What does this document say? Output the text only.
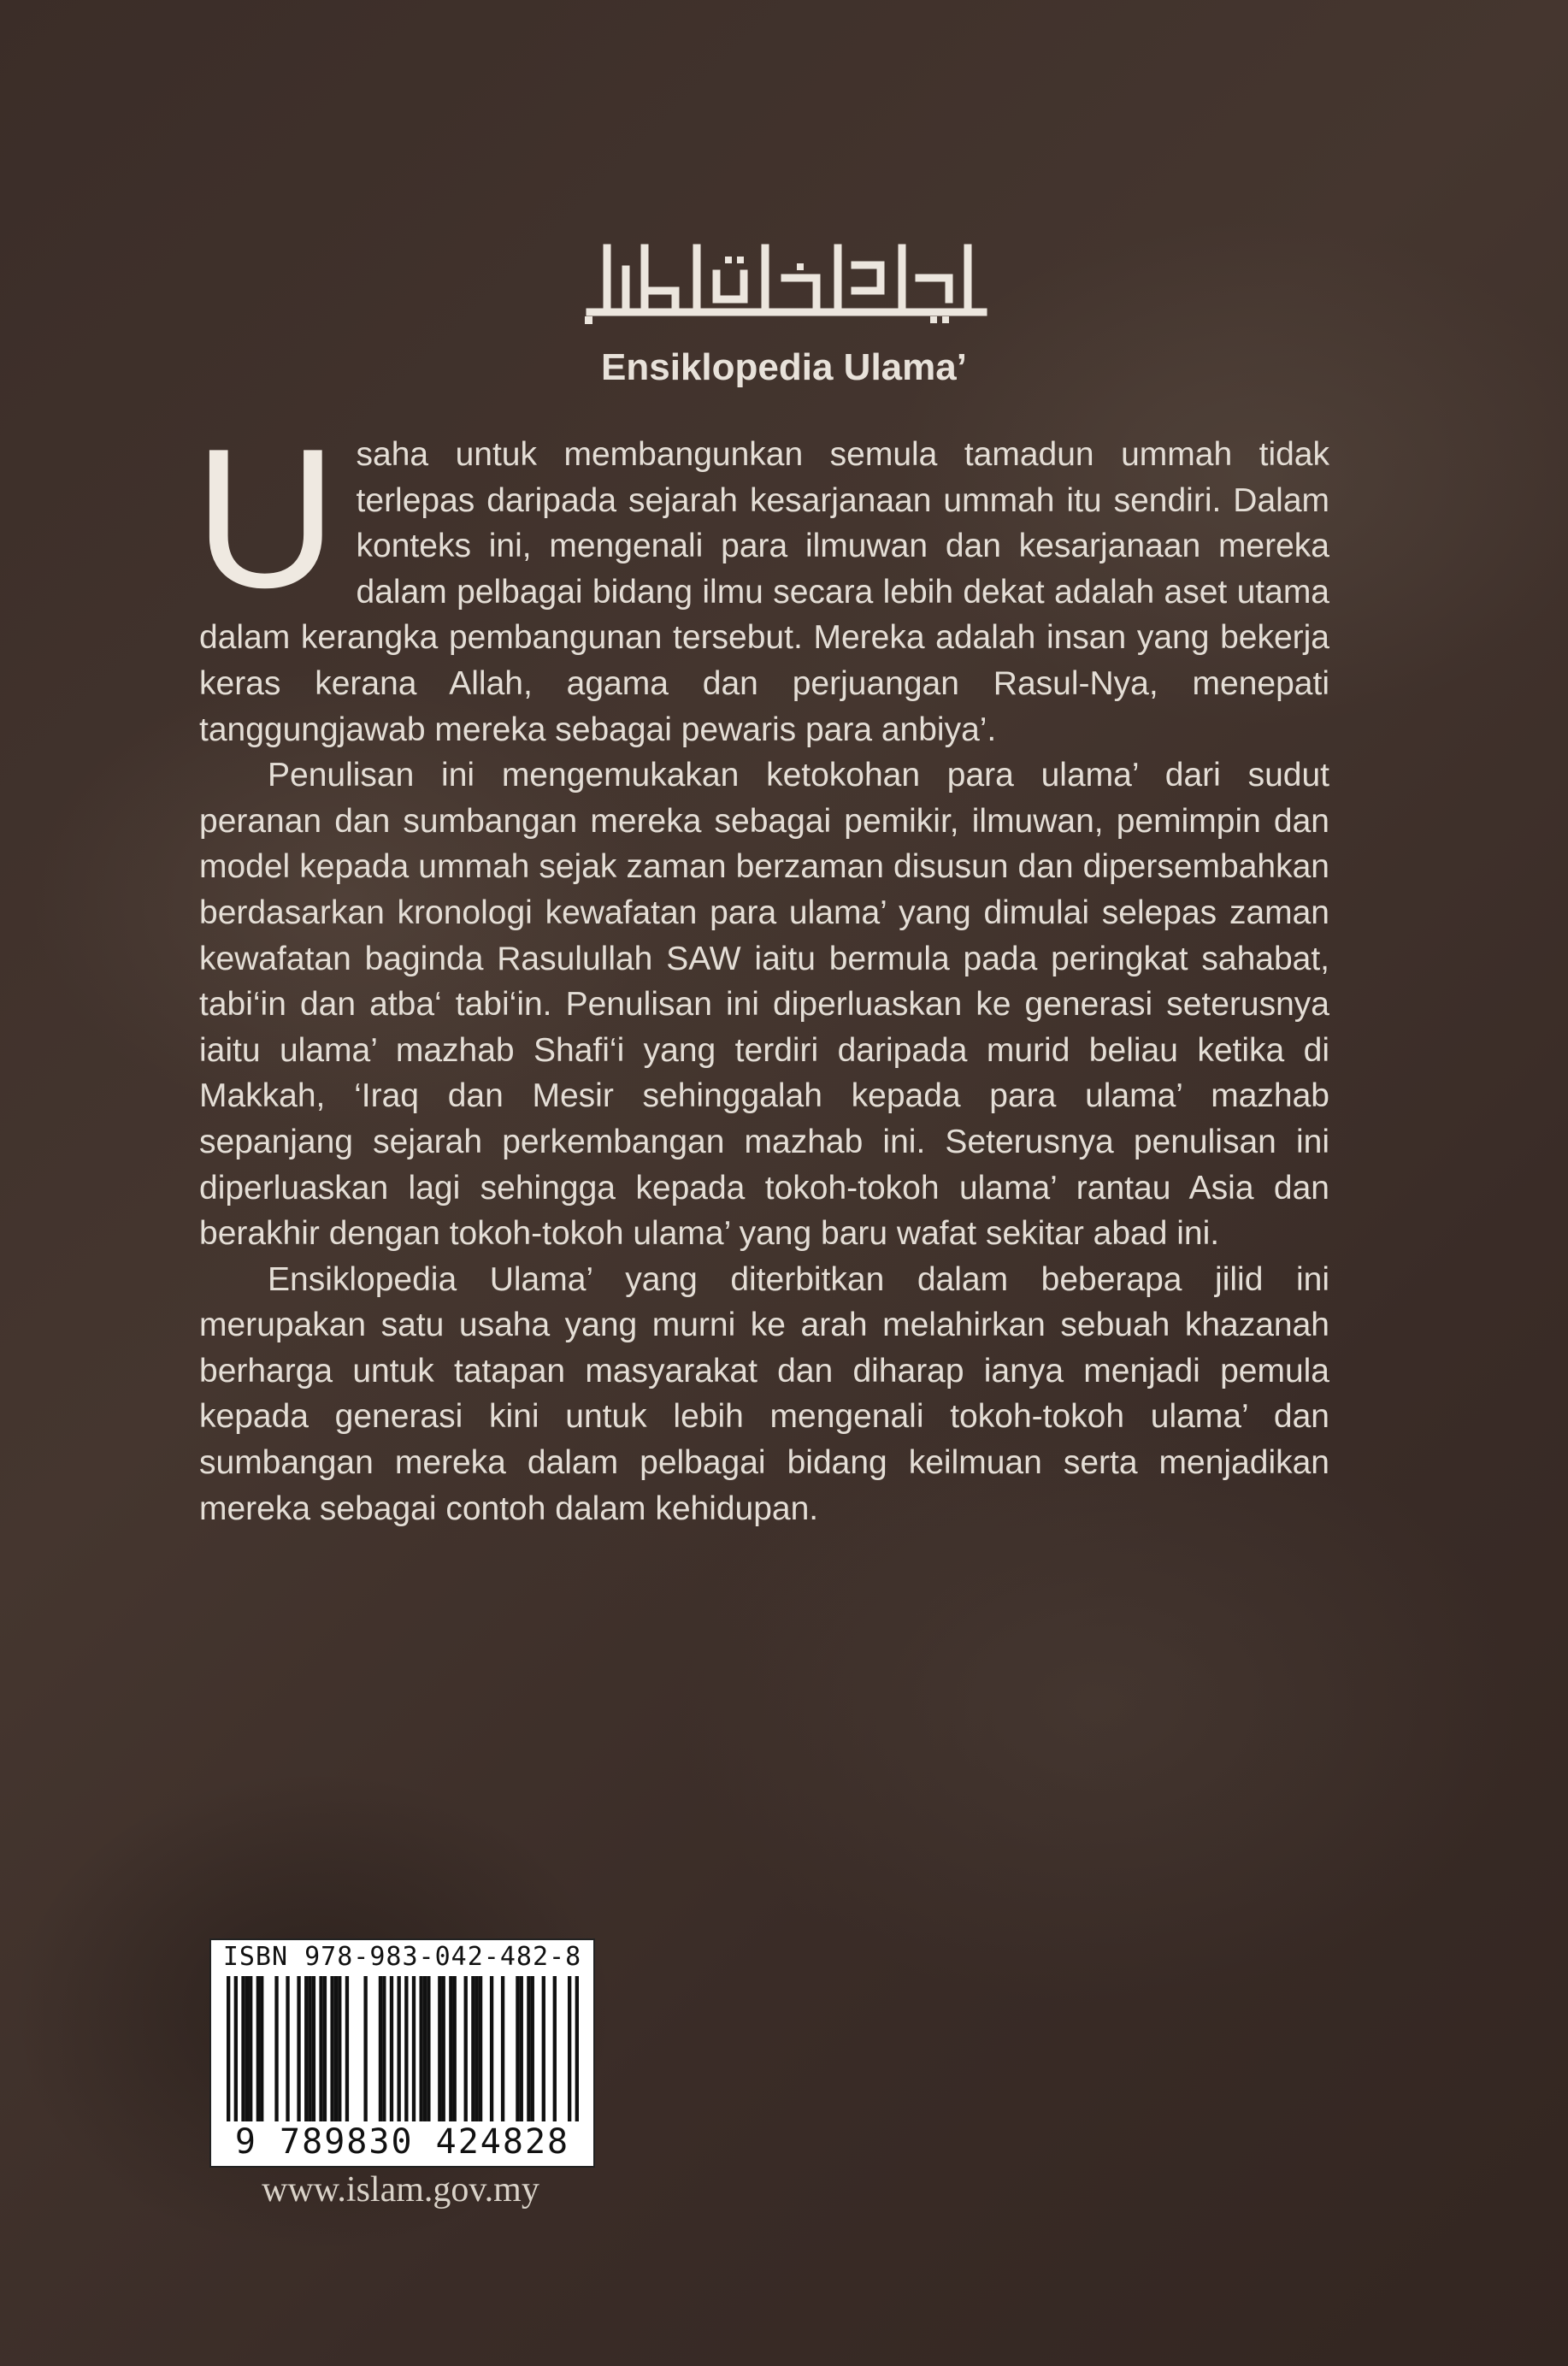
Ensiklopedia Ulama’

Usaha untuk membangunkan semula tamadun ummah tidak terlepas daripada sejarah kesarjanaan ummah itu sendiri. Dalam konteks ini, mengenali para ilmuwan dan kesarjanaan mereka dalam pelbagai bidang ilmu secara lebih dekat adalah aset utama dalam kerangka pembangunan tersebut. Mereka adalah insan yang bekerja keras kerana Allah, agama dan perjuangan Rasul-Nya, menepati tanggungjawab mereka sebagai pewaris para anbiya’.

Penulisan ini mengemukakan ketokohan para ulama’ dari sudut peranan dan sumbangan mereka sebagai pemikir, ilmuwan, pemimpin dan model kepada ummah sejak zaman berzaman disusun dan dipersembahkan berdasarkan kronologi kewafatan para ulama’ yang dimulai selepas zaman kewafatan baginda Rasulullah SAW iaitu bermula pada peringkat sahabat, tabi‘in dan atba‘ tabi‘in. Penulisan ini diperluaskan ke generasi seterusnya iaitu ulama’ mazhab Shafi‘i yang terdiri daripada murid beliau ketika di Makkah, ‘Iraq dan Mesir sehinggalah kepada para ulama’ mazhab sepanjang sejarah perkembangan mazhab ini. Seterusnya penulisan ini diperluaskan lagi sehingga kepada tokoh-tokoh ulama’ rantau Asia dan berakhir dengan tokoh-tokoh ulama’ yang baru wafat sekitar abad ini.

Ensiklopedia Ulama’ yang diterbitkan dalam beberapa jilid ini merupakan satu usaha yang murni ke arah melahirkan sebuah khazanah berharga untuk tatapan masyarakat dan diharap ianya menjadi pemula kepada generasi kini untuk lebih mengenali tokoh-tokoh ulama’ dan sumbangan mereka dalam pelbagai bidang keilmuan serta menjadikan mereka sebagai contoh dalam kehidupan.

ISBN 978-983-042-482-8
9 789830 424828
www.islam.gov.my
